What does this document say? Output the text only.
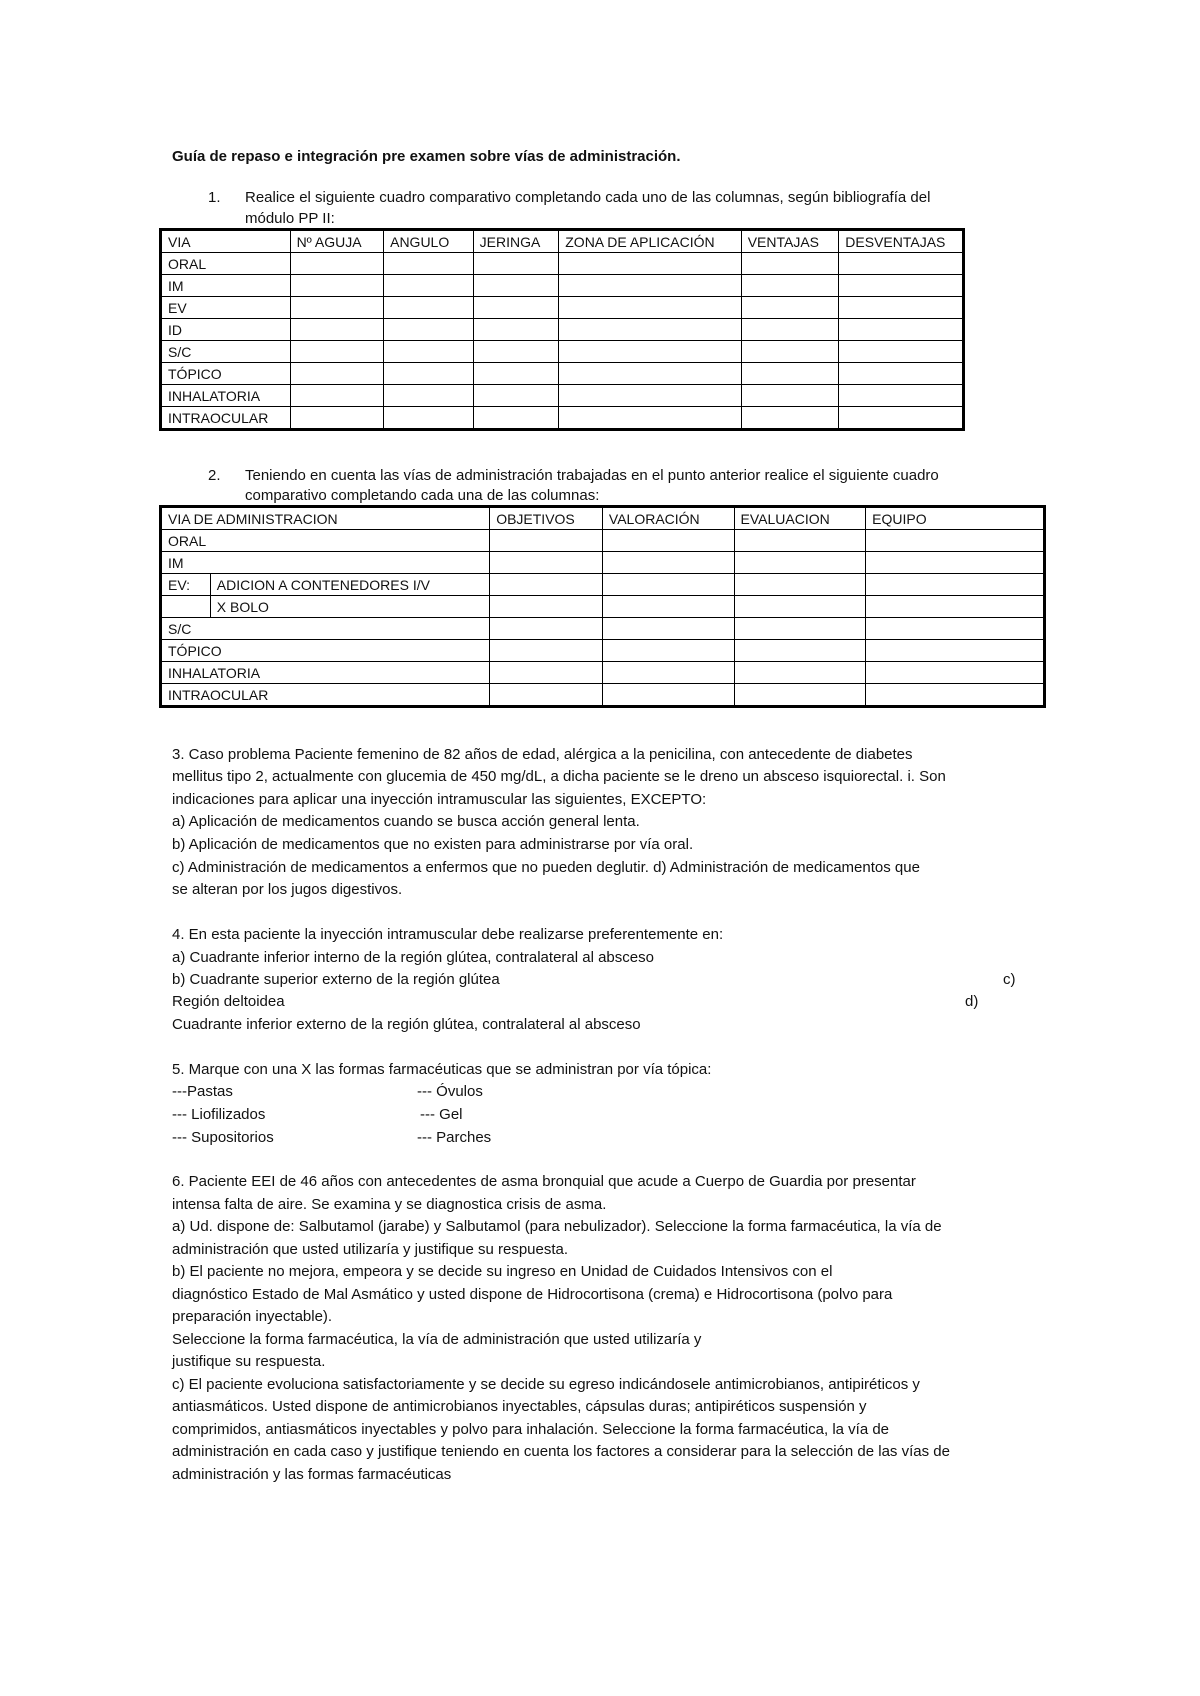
Guía de repaso e integración pre examen sobre vías de administración.
1. Realice el siguiente cuadro comparativo completando cada uno de las columnas, según bibliografía del
módulo PP II:
VIA	Nº AGUJA	ANGULO	JERINGA	ZONA DE APLICACIÓN	VENTAJAS	DESVENTAJAS
ORAL						
IM						
EV						
ID						
S/C						
TÓPICO						
INHALATORIA						
INTRAOCULAR						
2. Teniendo en cuenta las vías de administración trabajadas en el punto anterior realice el siguiente cuadro
comparativo completando cada una de las columnas:
VIA DE ADMINISTRACION		OBJETIVOS	VALORACIÓN	EVALUACION	EQUIPO
ORAL					
IM					
EV:	ADICION A CONTENEDORES I/V				
	X BOLO				
S/C					
TÓPICO					
INHALATORIA					
INTRAOCULAR					
3. Caso problema Paciente femenino de 82 años de edad, alérgica a la penicilina, con antecedente de diabetes
mellitus tipo 2, actualmente con glucemia de 450 mg/dL, a dicha paciente se le dreno un absceso isquiorectal. i. Son
indicaciones para aplicar una inyección intramuscular las siguientes, EXCEPTO:
a) Aplicación de medicamentos cuando se busca acción general lenta.
b) Aplicación de medicamentos que no existen para administrarse por vía oral.
c) Administración de medicamentos a enfermos que no pueden deglutir. d) Administración de medicamentos que
se alteran por los jugos digestivos.
4. En esta paciente la inyección intramuscular debe realizarse preferentemente en:
a) Cuadrante inferior interno de la región glútea, contralateral al absceso
b) Cuadrante superior externo de la región glútea	c)
Región deltoidea	d)
Cuadrante inferior externo de la región glútea, contralateral al absceso
5. Marque con una X las formas farmacéuticas que se administran por vía tópica:
---Pastas	--- Óvulos
--- Liofilizados	--- Gel
--- Supositorios	--- Parches
6. Paciente EEI de 46 años con antecedentes de asma bronquial que acude a Cuerpo de Guardia por presentar
intensa falta de aire. Se examina y se diagnostica crisis de asma.
a) Ud. dispone de: Salbutamol (jarabe) y Salbutamol (para nebulizador). Seleccione la forma farmacéutica, la vía de
administración que usted utilizaría y justifique su respuesta.
b) El paciente no mejora, empeora y se decide su ingreso en Unidad de Cuidados Intensivos con el
diagnóstico Estado de Mal Asmático y usted dispone de Hidrocortisona (crema) e Hidrocortisona (polvo para
preparación inyectable).
Seleccione la forma farmacéutica, la vía de administración que usted utilizaría y
justifique su respuesta.
c) El paciente evoluciona satisfactoriamente y se decide su egreso indicándosele antimicrobianos, antipiréticos y
antiasmáticos. Usted dispone de antimicrobianos inyectables, cápsulas duras; antipiréticos suspensión y
comprimidos, antiasmáticos inyectables y polvo para inhalación. Seleccione la forma farmacéutica, la vía de
administración en cada caso y justifique teniendo en cuenta los factores a considerar para la selección de las vías de
administración y las formas farmacéuticas
